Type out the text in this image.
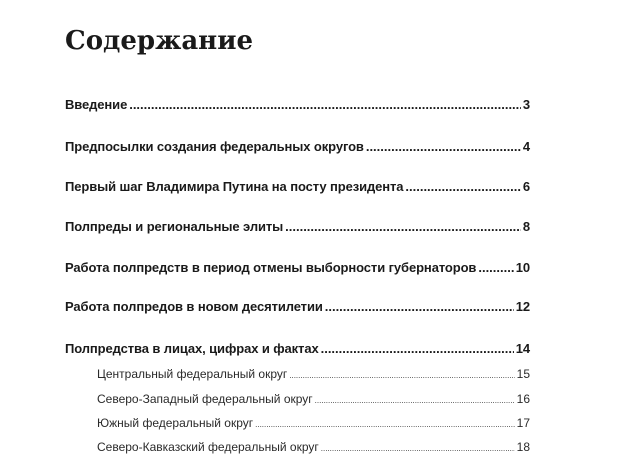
Содержание
Введение .....	3
Предпосылки создания федеральных округов .....	4
Первый шаг Владимира Путина на посту президента .....	6
Полпреды и региональные элиты .....	8
Работа полпредств в период отмены выборности губернаторов .....	10
Работа полпредов в новом десятилетии .....	12
Полпредства в лицах, цифрах и фактах .....	14
Центральный федеральный округ .....	15
Северо-Западный федеральный округ .....	16
Южный федеральный округ .....	17
Северо-Кавказский федеральный округ .....	18
